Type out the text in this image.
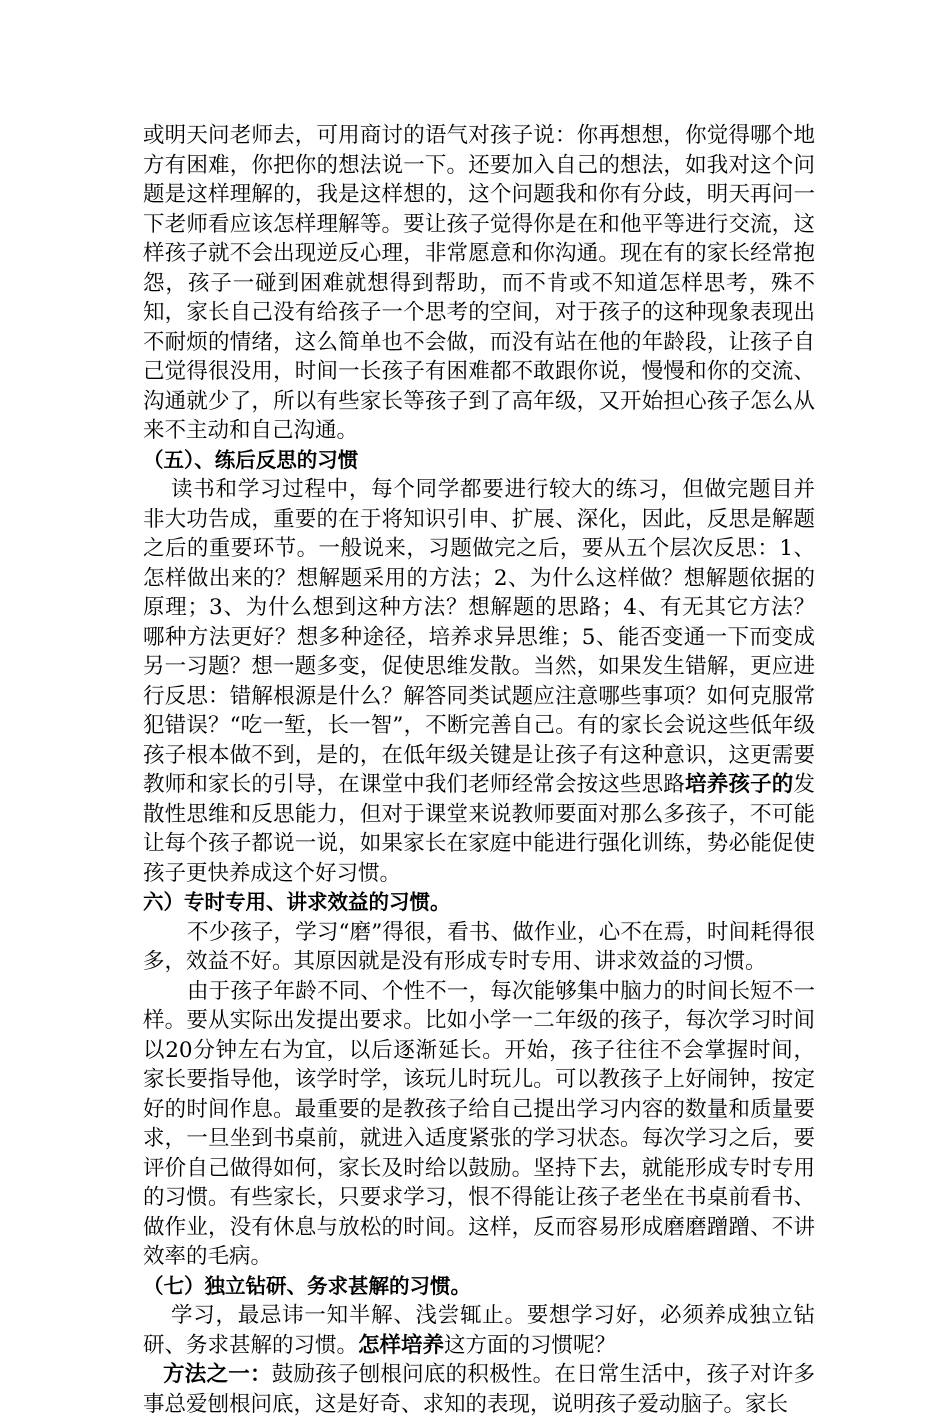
或明天问老师去，可用商讨的语气对孩子说：你再想想，你觉得哪个地方有困难，你把你的想法说一下。还要加入自己的想法，如我对这个问题是这样理解的，我是这样想的，这个问题我和你有分歧，明天再问一下老师看应该怎样理解等。要让孩子觉得你是在和他平等进行交流，这样孩子就不会出现逆反心理，非常愿意和你沟通。现在有的家长经常抱怨，孩子一碰到困难就想得到帮助，而不肯或不知道怎样思考，殊不知，家长自己没有给孩子一个思考的空间，对于孩子的这种现象表现出不耐烦的情绪，这么简单也不会做，而没有站在他的年龄段，让孩子自己觉得很没用，时间一长孩子有困难都不敢跟你说，慢慢和你的交流、沟通就少了，所以有些家长等孩子到了高年级，又开始担心孩子怎么从来不主动和自己沟通。

（五）、练后反思的习惯

读书和学习过程中，每个同学都要进行较大的练习，但做完题目并非大功告成，重要的在于将知识引申、扩展、深化，因此，反思是解题之后的重要环节。一般说来，习题做完之后，要从五个层次反思：1、怎样做出来的？想解题采用的方法；2、为什么这样做？想解题依据的原理；3、为什么想到这种方法？想解题的思路；4、有无其它方法？哪种方法更好？想多种途径，培养求异思维；5、能否变通一下而变成另一习题？想一题多变，促使思维发散。当然，如果发生错解，更应进行反思：错解根源是什么？解答同类试题应注意哪些事项？如何克服常犯错误？“吃一堑，长一智”，不断完善自己。有的家长会说这些低年级孩子根本做不到，是的，在低年级关键是让孩子有这种意识，这更需要教师和家长的引导，在课堂中我们老师经常会按这些思路培养孩子的发散性思维和反思能力，但对于课堂来说教师要面对那么多孩子，不可能让每个孩子都说一说，如果家长在家庭中能进行强化训练，势必能促使孩子更快养成这个好习惯。

六）专时专用、讲求效益的习惯。

不少孩子，学习“磨”得很，看书、做作业，心不在焉，时间耗得很多，效益不好。其原因就是没有形成专时专用、讲求效益的习惯。

由于孩子年龄不同、个性不一，每次能够集中脑力的时间长短不一样。要从实际出发提出要求。比如小学一二年级的孩子，每次学习时间以20分钟左右为宜，以后逐渐延长。开始，孩子往往不会掌握时间，家长要指导他，该学时学，该玩儿时玩儿。可以教孩子上好闹钟，按定好的时间作息。最重要的是教孩子给自己提出学习内容的数量和质量要求，一旦坐到书桌前，就进入适度紧张的学习状态。每次学习之后，要评价自己做得如何，家长及时给以鼓励。坚持下去，就能形成专时专用的习惯。有些家长，只要求学习，恨不得能让孩子老坐在书桌前看书、做作业，没有休息与放松的时间。这样，反而容易形成磨磨蹭蹭、不讲效率的毛病。

（七）独立钻研、务求甚解的习惯。

学习，最忌讳一知半解、浅尝辄止。要想学习好，必须养成独立钻研、务求甚解的习惯。怎样培养这方面的习惯呢？

方法之一：鼓励孩子刨根问底的积极性。在日常生活中，孩子对许多事总爱刨根问底，这是好奇、求知的表现，说明孩子爱动脑子。家长
